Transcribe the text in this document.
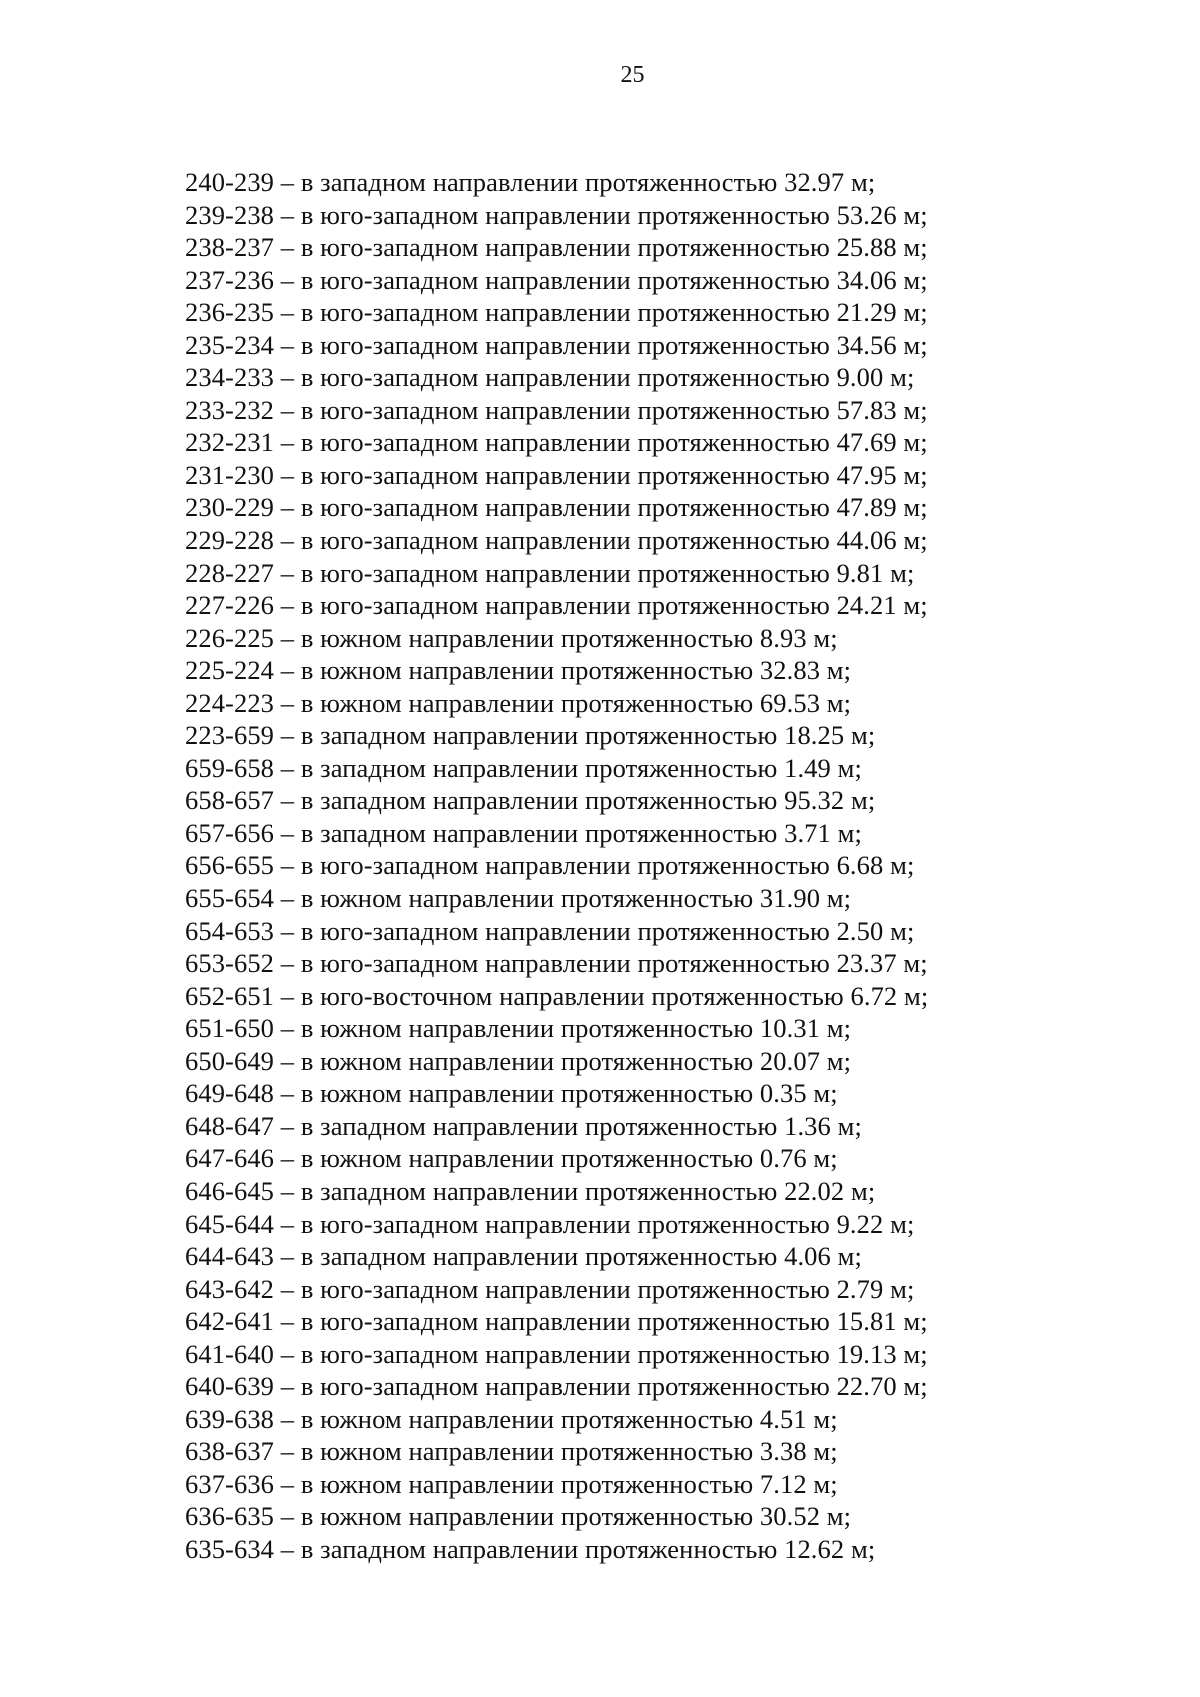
25
240-239 – в западном направлении протяженностью 32.97 м;
239-238 – в юго-западном направлении протяженностью 53.26 м;
238-237 – в юго-западном направлении протяженностью 25.88 м;
237-236 – в юго-западном направлении протяженностью 34.06 м;
236-235 – в юго-западном направлении протяженностью 21.29 м;
235-234 – в юго-западном направлении протяженностью 34.56 м;
234-233 – в юго-западном направлении протяженностью 9.00 м;
233-232 – в юго-западном направлении протяженностью 57.83 м;
232-231 – в юго-западном направлении протяженностью 47.69 м;
231-230 – в юго-западном направлении протяженностью 47.95 м;
230-229 – в юго-западном направлении протяженностью 47.89 м;
229-228 – в юго-западном направлении протяженностью 44.06 м;
228-227 – в юго-западном направлении протяженностью 9.81 м;
227-226 – в юго-западном направлении протяженностью 24.21 м;
226-225 – в южном направлении протяженностью 8.93 м;
225-224 – в южном направлении протяженностью 32.83 м;
224-223 – в южном направлении протяженностью 69.53 м;
223-659 – в западном направлении протяженностью 18.25 м;
659-658 – в западном направлении протяженностью 1.49 м;
658-657 – в западном направлении протяженностью 95.32 м;
657-656 – в западном направлении протяженностью 3.71 м;
656-655 – в юго-западном направлении протяженностью 6.68 м;
655-654 – в южном направлении протяженностью 31.90 м;
654-653 – в юго-западном направлении протяженностью 2.50 м;
653-652 – в юго-западном направлении протяженностью 23.37 м;
652-651 – в юго-восточном направлении протяженностью 6.72 м;
651-650 – в южном направлении протяженностью 10.31 м;
650-649 – в южном направлении протяженностью 20.07 м;
649-648 – в южном направлении протяженностью 0.35 м;
648-647 – в западном направлении протяженностью 1.36 м;
647-646 – в южном направлении протяженностью 0.76 м;
646-645 – в западном направлении протяженностью 22.02 м;
645-644 – в юго-западном направлении протяженностью 9.22 м;
644-643 – в западном направлении протяженностью 4.06 м;
643-642 – в юго-западном направлении протяженностью 2.79 м;
642-641 – в юго-западном направлении протяженностью 15.81 м;
641-640 – в юго-западном направлении протяженностью 19.13 м;
640-639 – в юго-западном направлении протяженностью 22.70 м;
639-638 – в южном направлении протяженностью 4.51 м;
638-637 – в южном направлении протяженностью 3.38 м;
637-636 – в южном направлении протяженностью 7.12 м;
636-635 – в южном направлении протяженностью 30.52 м;
635-634 – в западном направлении протяженностью 12.62 м;
